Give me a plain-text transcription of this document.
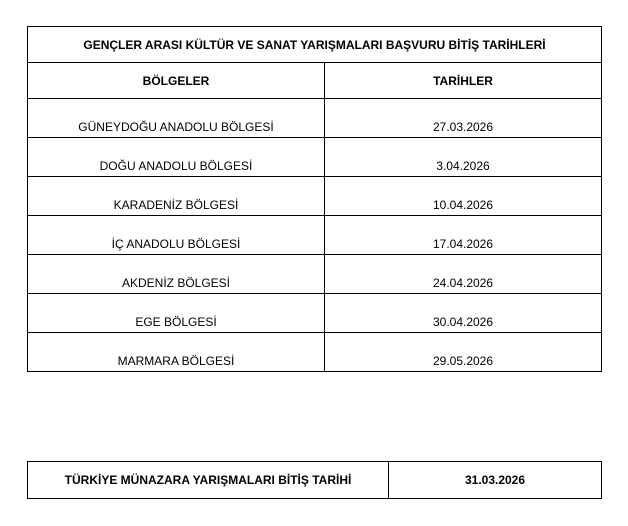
GENÇLER ARASI KÜLTÜR VE SANAT YARIŞMALARI BAŞVURU BİTİŞ TARİHLERİ	
BÖLGELER	TARİHLER
GÜNEYDOĞU ANADOLU BÖLGESİ	27.03.2026
DOĞU ANADOLU BÖLGESİ	3.04.2026
KARADENİZ BÖLGESİ	10.04.2026
İÇ ANADOLU BÖLGESİ	17.04.2026
AKDENİZ BÖLGESİ	24.04.2026
EGE BÖLGESİ	30.04.2026
MARMARA BÖLGESİ	29.05.2026
TÜRKİYE MÜNAZARA YARIŞMALARI BİTİŞ TARİHİ	31.03.2026
